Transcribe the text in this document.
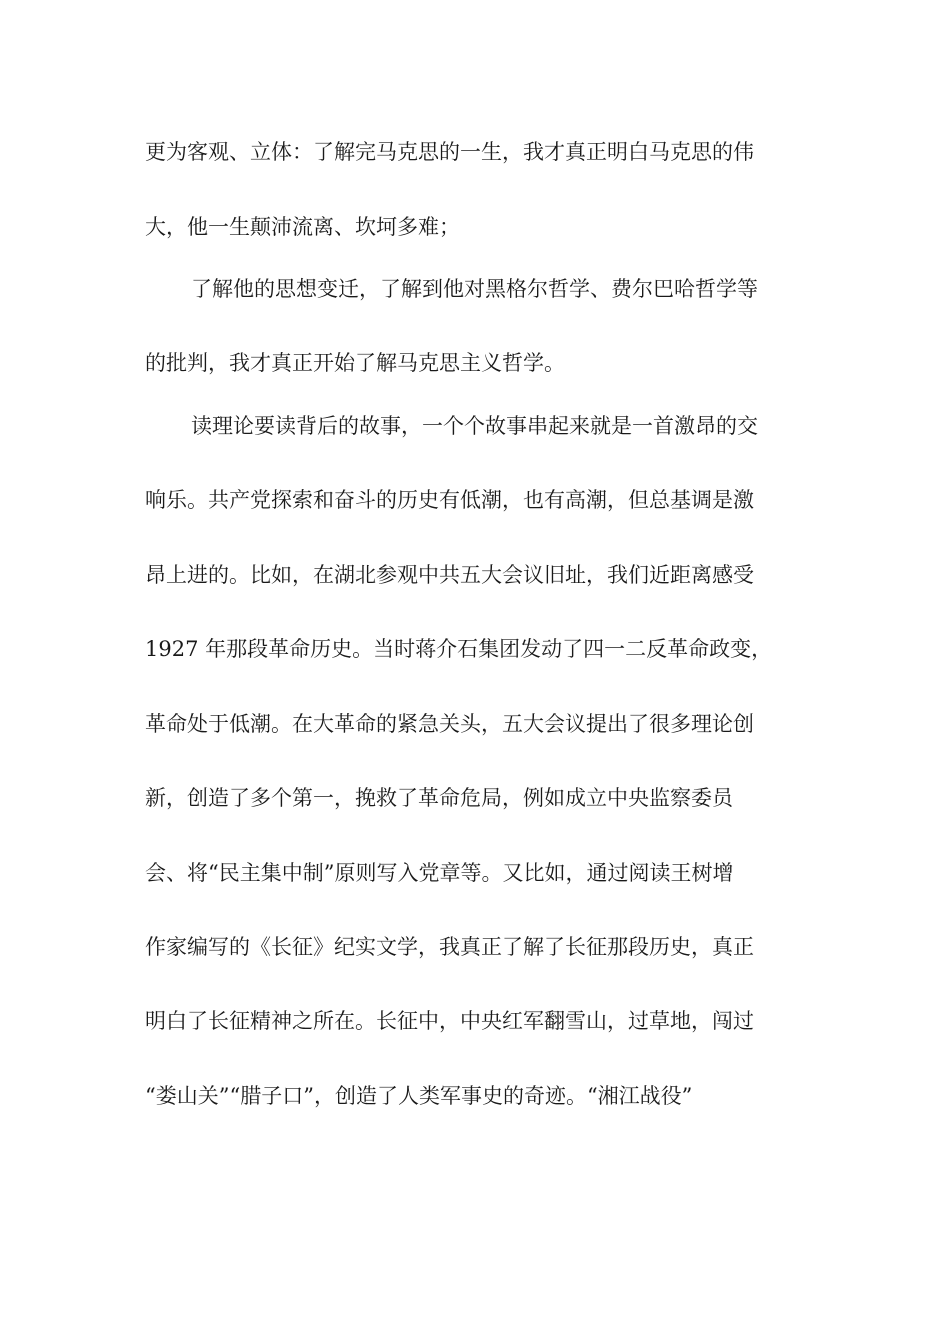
更为客观、立体：了解完马克思的一生，我才真正明白马克思的伟
大，他一生颠沛流离、坎坷多难；
了解他的思想变迁，了解到他对黑格尔哲学、费尔巴哈哲学等
的批判，我才真正开始了解马克思主义哲学。
读理论要读背后的故事，一个个故事串起来就是一首激昂的交
响乐。共产党探索和奋斗的历史有低潮，也有高潮，但总基调是激
昂上进的。比如，在湖北参观中共五大会议旧址，我们近距离感受
1927 年那段革命历史。当时蒋介石集团发动了四一二反革命政变，
革命处于低潮。在大革命的紧急关头，五大会议提出了很多理论创
新，创造了多个第一，挽救了革命危局，例如成立中央监察委员
会、将“民主集中制”原则写入党章等。又比如，通过阅读王树增
作家编写的《长征》纪实文学，我真正了解了长征那段历史，真正
明白了长征精神之所在。长征中，中央红军翻雪山，过草地，闯过
“娄山关”“腊子口”，创造了人类军事史的奇迹。“湘江战役”
